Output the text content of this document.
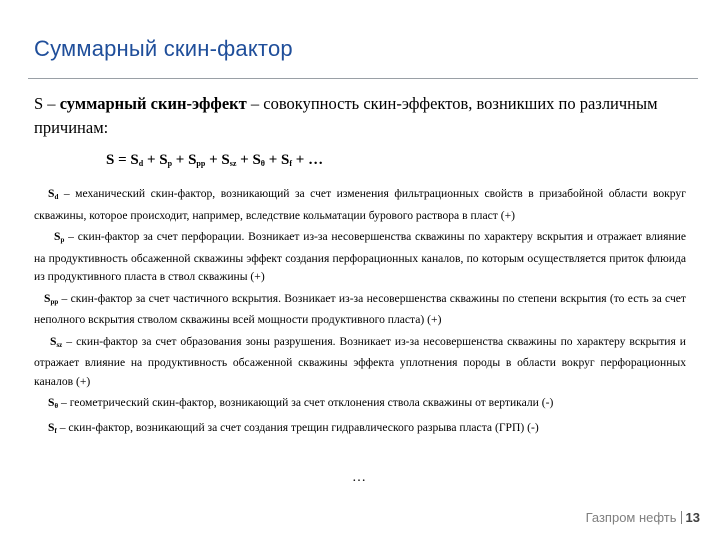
Суммарный скин-фактор

S – суммарный скин-эффект – совокупность скин-эффектов, возникших по различным причинам:

$S = S_d + S_p + S_{pp} + S_{sz} + S_\theta + S_f$ + …

$S_d$ – механический скин-фактор, возникающий за счет изменения фильтрационных свойств в призабойной области вокруг скважины, которое происходит, например, вследствие кольматации бурового раствора в пласт (+)

$S_p$ – скин-фактор за счет перфорации. Возникает из-за несовершенства скважины по характеру вскрытия и отражает влияние на продуктивность обсаженной скважины эффект создания перфорационных каналов, по которым осуществляется приток флюида из продуктивного пласта в ствол скважины (+)

$S_{pp}$ – скин-фактор за счет частичного вскрытия. Возникает из-за несовершенства скважины по степени вскрытия (то есть за счет неполного вскрытия стволом скважины всей мощности продуктивного пласта) (+)

$S_{sz}$ – скин-фактор за счет образования зоны разрушения. Возникает из-за несовершенства скважины по характеру вскрытия и отражает влияние на продуктивность обсаженной скважины эффекта уплотнения породы в области вокруг перфорационных каналов (+)

$S_\theta$ – геометрический скин-фактор, возникающий за счет отклонения ствола скважины от вертикали (-)

$S_f$ – скин-фактор, возникающий за счет создания трещин гидравлического разрыва пласта (ГРП) (-)

…
Газпром нефть 13
